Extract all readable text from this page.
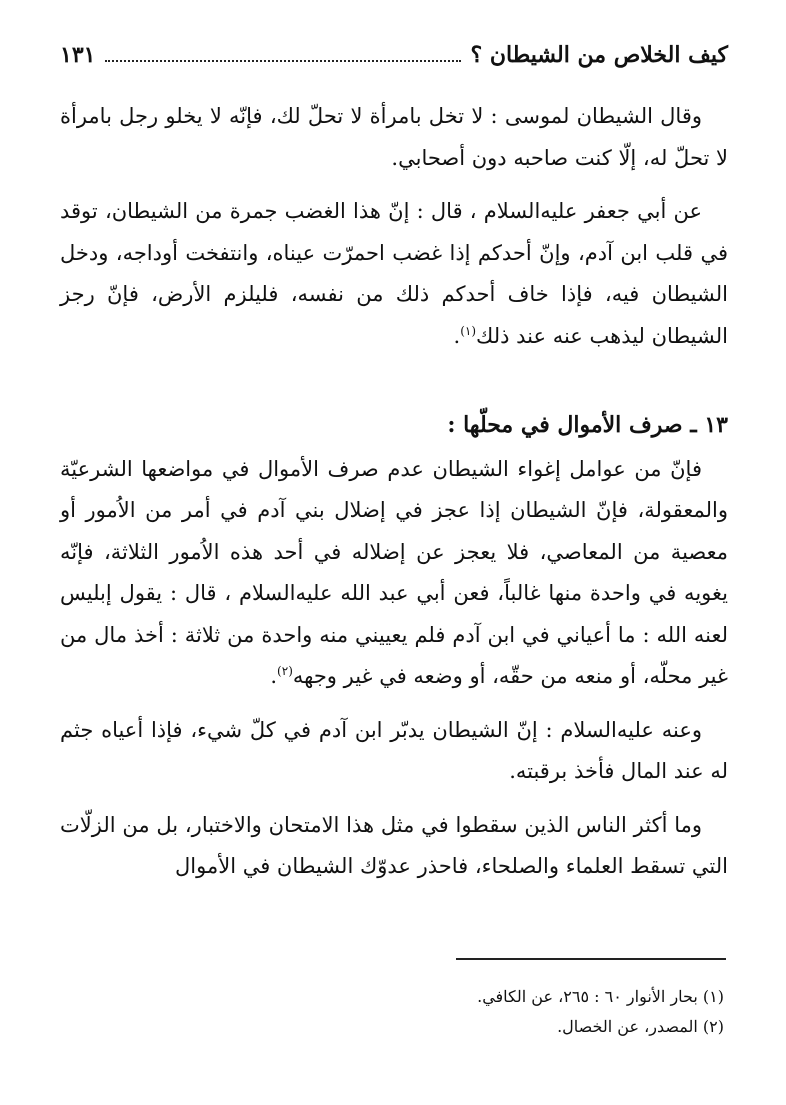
كيف الخلاص من الشيطان ؟
١٣١

وقال الشيطان لموسى : لا تخل بامرأة لا تحلّ لك، فإنّه لا يخلو رجل بامرأة لا تحلّ له، إلّا كنت صاحبه دون أصحابي.

عن أبي جعفر عليه‌السلام ، قال : إنّ هذا الغضب جمرة من الشيطان، توقد في قلب ابن آدم، وإنّ أحدكم إذا غضب احمرّت عيناه، وانتفخت أوداجه، ودخل الشيطان فيه، فإذا خاف أحدكم ذلك من نفسه، فليلزم الأرض، فإنّ رجز الشيطان ليذهب عنه عند ذلك$^{(١)}$.

١٣ ـ صرف الأموال في محلّها :

فإنّ من عوامل إغواء الشيطان عدم صرف الأموال في مواضعها الشرعيّة والمعقولة، فإنّ الشيطان إذا عجز في إضلال بني آدم في أمر من الاُمور أو معصية من المعاصي، فلا يعجز عن إضلاله في أحد هذه الاُمور الثلاثة، فإنّه يغويه في واحدة منها غالباً، فعن أبي عبد الله عليه‌السلام ، قال : يقول إبليس لعنه الله : ما أعياني في ابن آدم فلم يعييني منه واحدة من ثلاثة : أخذ مال من غير محلّه، أو منعه من حقّه، أو وضعه في غير وجهه$^{(٢)}$.

وعنه عليه‌السلام : إنّ الشيطان يدبّر ابن آدم في كلّ شيء، فإذا أعياه جثم له عند المال فأخذ برقبته.

وما أكثر الناس الذين سقطوا في مثل هذا الامتحان والاختبار، بل من الزلّات التي تسقط العلماء والصلحاء، فاحذر عدوّك الشيطان في الأموال

(١) بحار الأنوار ٦٠ : ٢٦٥، عن الكافي.
(٢) المصدر، عن الخصال.
